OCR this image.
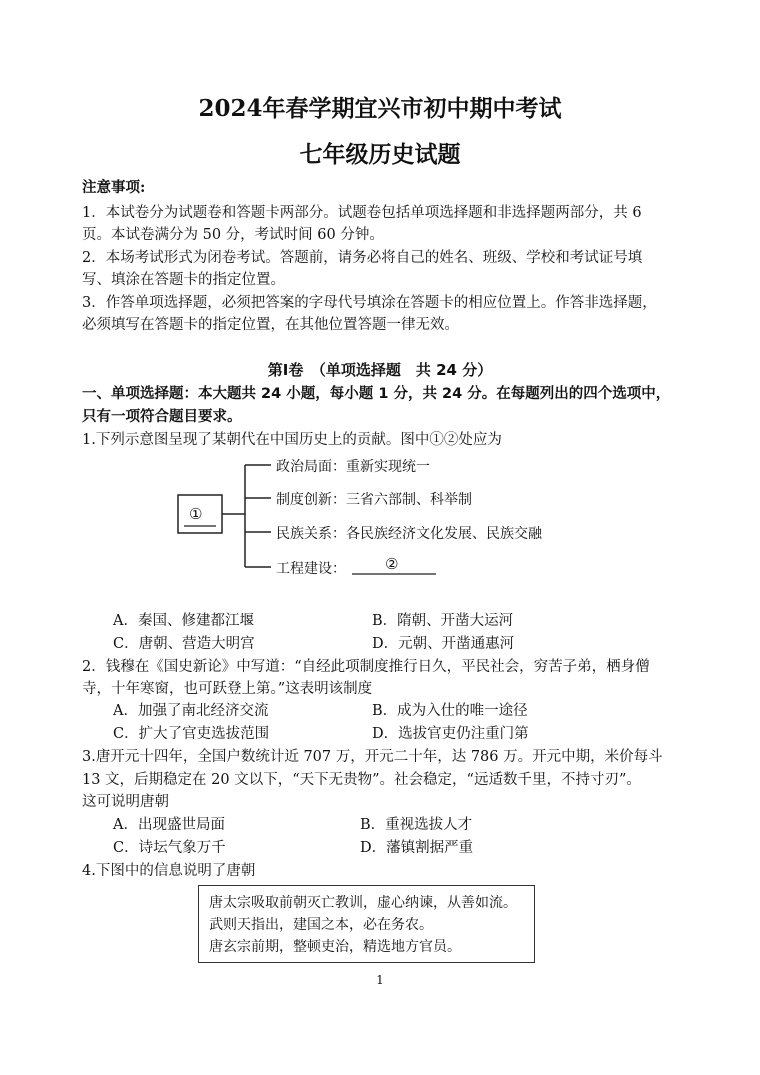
2024年春学期宜兴市初中期中考试
七年级历史试题
注意事项:
1．本试卷分为试题卷和答题卡两部分。试题卷包括单项选择题和非选择题两部分，共 6
页。本试卷满分为 50 分，考试时间 60 分钟。
2．本场考试形式为闭卷考试。答题前，请务必将自己的姓名、班级、学校和考试证号填
写、填涂在答题卡的指定位置。
3．作答单项选择题，必须把答案的字母代号填涂在答题卡的相应位置上。作答非选择题，
必须填写在答题卡的指定位置，在其他位置答题一律无效。
第Ⅰ卷　（单项选择题　共 24 分）
一、单项选择题：本大题共 24 小题，每小题 1 分，共 24 分。在每题列出的四个选项中，
只有一项符合题目要求。
1.下列示意图呈现了某朝代在中国历史上的贡献。图中①②处应为
①
政治局面：重新实现统一
制度创新：三省六部制、科举制
民族关系：各民族经济文化发展、民族交融
工程建设：	②
A．秦国、修建都江堰	B．隋朝、开凿大运河
C．唐朝、营造大明宫	D．元朝、开凿通惠河
2．钱穆在《国史新论》中写道：“自经此项制度推行日久，平民社会，穷苦子弟，栖身僧
寺，十年寒窗，也可跃登上第。”这表明该制度
A．加强了南北经济交流	B．成为入仕的唯一途径
C．扩大了官吏选拔范围	D．选拔官吏仍注重门第
3.唐开元十四年，全国户数统计近 707 万，开元二十年，达 786 万。开元中期，米价每斗
13 文，后期稳定在 20 文以下，“天下无贵物”。社会稳定，“远适数千里，不持寸刃”。
这可说明唐朝
A．出现盛世局面	B．重视选拔人才
C．诗坛气象万千	D．藩镇割据严重
4.下图中的信息说明了唐朝
唐太宗吸取前朝灭亡教训，虚心纳谏，从善如流。
武则天指出，建国之本，必在务农。
唐玄宗前期，整顿吏治，精选地方官员。
1
